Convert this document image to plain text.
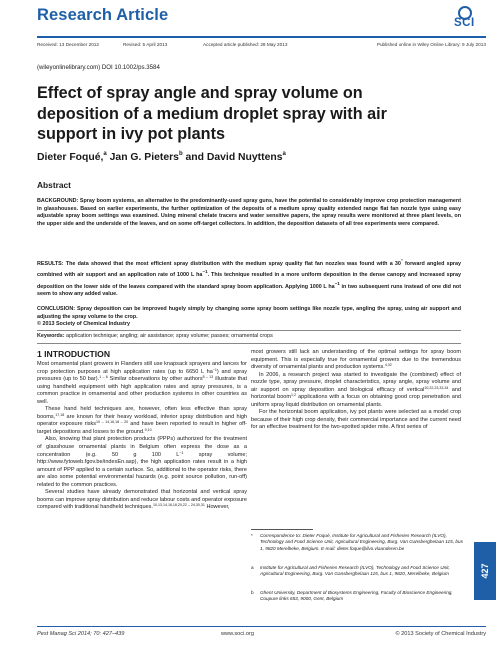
Research Article	SCI
Received: 13 December 2012	Revised: 5 April 2013	Accepted article published: 28 May 2013	Published online in Wiley Online Library: 9 July 2013
(wileyonlinelibrary.com) DOI 10.1002/ps.3584
Effect of spray angle and spray volume on deposition of a medium droplet spray with air support in ivy pot plants
Dieter Foqué,$^a$ Jan G. Pieters$^b$ and David Nuyttens$^a$
Abstract
BACKGROUND: Spray boom systems, an alternative to the predominantly-used spray guns, have the potential to considerably improve crop protection management in glasshouses. Based on earlier experiments, the further optimization of the deposits of a medium spray quality extended range flat fan nozzle type using easy adjustable spray boom settings was examined. Using mineral chelate tracers and water sensitive papers, the spray results were monitored at three plant levels, on the upper side and the underside of the leaves, and on some off-target collectors. In addition, the deposition datasets of all tree experiments were compared.
RESULTS: The data showed that the most efficient spray distribution with the medium spray quality flat fan nozzles was found with a 30° forward angled spray combined with air support and an application rate of 1000 L $ha^{-1}$. This technique resulted in a more uniform deposition in the dense canopy and increased spray deposition on the lower side of the leaves compared with the standard spray boom application. Applying 1000 L $ha^{-1}$ in two subsequent runs instead of one did not seem to show any added value.
CONCLUSION: Spray deposition can be improved hugely simply by changing some spray boom settings like nozzle type, angling the spray, using air support and adjusting the spray volume to the crop.
© 2013 Society of Chemical Industry
Keywords: application technique; angling; air assistance; spray volume; passes; ornamental crops
1 INTRODUCTION

Most ornamental plant growers in Flanders still use knapsack sprayers and lances for crop protection purposes at high application rates (up to 6650 L $ha^{-1}$) and spray pressures (up to 50 bar).$^{1 - 6}$ Similar observations by other authors$^{5 - 13}$ illustrate that using handheld equipment with high application rates and spray pressures, is a common practice in ornamental and other production systems in other countries as well.

These hand held techniques are, however, often less effective than spray booms,$^{17,18}$ are known for their heavy workload, inferior spray distribution and high operator exposure risks$^{10 - 14,16,18 - 20}$ and have been reported to result in higher off-target depositions and losses to the ground.$^{9,10}$

Also, knowing that plant protection products (PPPs) authorized for the treatment of glasshouse ornamental plants in Belgium often express the dose as a concentration (e.g. 50 g 100 $L^{-1}$ spray volume; http://www.fytoweb.fgov.be/indexEn.asp), the high application rates result in a high amount of PPP applied to a certain surface. So, additional to the operator risks, there are also some potential environmental hazards (e.g. point source pollution, run-off) related to the common practices.

Several studies have already demonstrated that horizontal and vertical spray booms can improve spray distribution and reduce labour costs and operator exposure compared with traditional handheld techniques.$^{10,13,14,16,18,20,22 - 24,30,31}$ However,

most growers still lack an understanding of the optimal settings for spray boom equipment. This is especially true for ornamental growers due to the tremendous diversity of ornamental plants and production systems.$^{4,32}$

In 2006, a research project was started to investigate the (combined) effect of nozzle type, spray pressure, droplet characteristics, spray angle, spray volume and air support on spray deposition and biological efficacy of vertical$^{10,22,23,33,34}$ and horizontal boom$^{1,2}$ applications with a focus on obtaining good crop penetration and uniform spray liquid distribution on ornamental plants.

For the horizontal boom application, ivy pot plants were selected as a model crop because of their high crop density, their commercial importance and the current need for an effective treatment for the two-spotted spider mite. A first series of

*	Correspondence to: Dieter Foqué, Institute for Agricultural and Fisheries Research (ILVO), Technology and Food Science Unit, Agricultural Engineering, Burg. Van Gansberghelaan 115, bus 1, 9820 Merelbeke, Belgium. E-mail: dieter.foque@ilvo.vlaanderen.be
a	Institute for Agricultural and Fisheries Research (ILVO), Technology and Food Science Unit, Agricultural Engineering, Burg. Van Gansberghelaan 115, bus 1, 9820, Merelbeke, Belgium
b	Ghent University, Department of Biosystems Engineering, Faculty of Bioscience Engineering, Coupure links 653, 9000, Gent, Belgium
427
Pest Manag Sci 2014; 70: 427–439	www.soci.org	© 2013 Society of Chemical Industry
